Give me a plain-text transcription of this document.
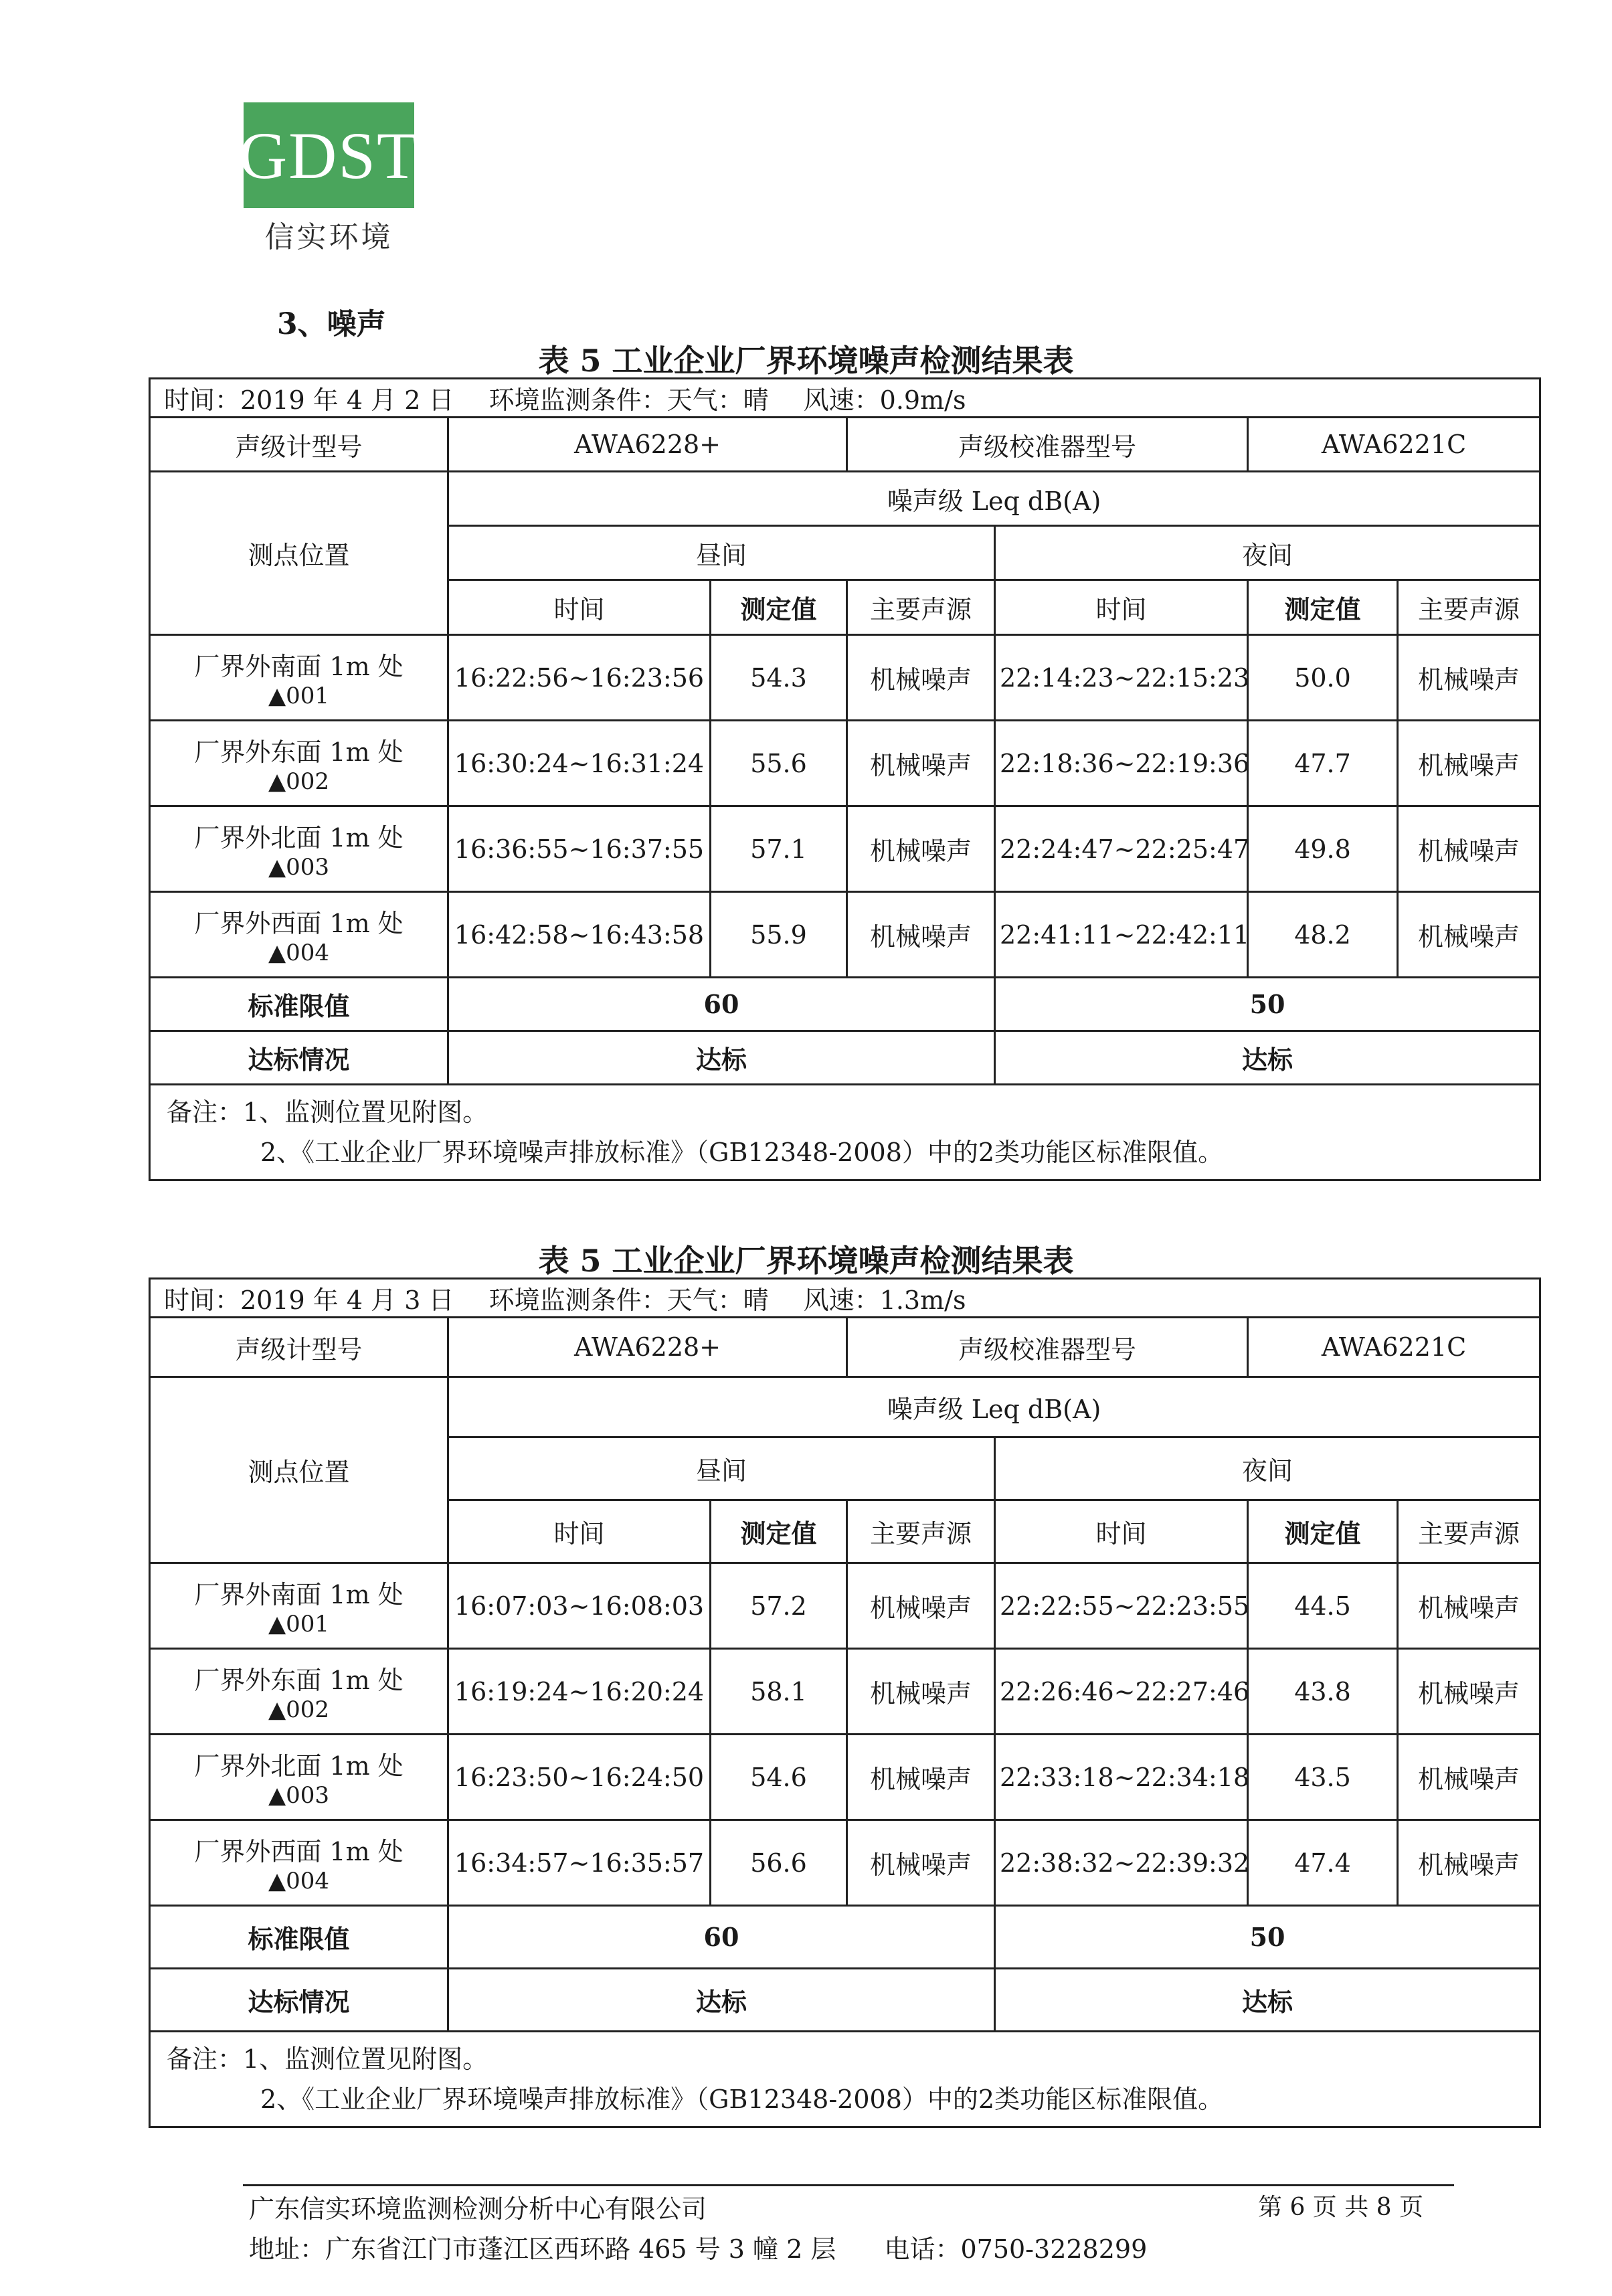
GDST
信实环境
3、噪声
表 5 工业企业厂界环境噪声检测结果表
时间：2019 年 4 月 2 日 环境监测条件：天气：晴 风速：0.9m/s						
声级计型号	AWA6228+		声级校准器型号		AWA6221C	
测点位置	噪声级 Leq dB(A)					
	昼间			夜间		
	时间	测定值	主要声源	时间	测定值	主要声源

厂界外南面 1m 处
▲001	16:22:56~16:23:56	54.3	机械噪声	22:14:23~22:15:23	50.0	机械噪声

厂界外东面 1m 处
▲002	16:30:24~16:31:24	55.6	机械噪声	22:18:36~22:19:36	47.7	机械噪声

厂界外北面 1m 处
▲003	16:36:55~16:37:55	57.1	机械噪声	22:24:47~22:25:47	49.8	机械噪声

厂界外西面 1m 处
▲004	16:42:58~16:43:58	55.9	机械噪声	22:41:11~22:42:11	48.2	机械噪声
标准限值	60			50		
达标情况	达标			达标		

备注：1、监测位置见附图。
2、《工业企业厂界环境噪声排放标准》（GB12348-2008）中的2类功能区标准限值。						
表 5 工业企业厂界环境噪声检测结果表
时间：2019 年 4 月 3 日 环境监测条件：天气：晴 风速：1.3m/s						
声级计型号	AWA6228+		声级校准器型号		AWA6221C	
测点位置	噪声级 Leq dB(A)					
	昼间			夜间		
	时间	测定值	主要声源	时间	测定值	主要声源

厂界外南面 1m 处
▲001	16:07:03~16:08:03	57.2	机械噪声	22:22:55~22:23:55	44.5	机械噪声

厂界外东面 1m 处
▲002	16:19:24~16:20:24	58.1	机械噪声	22:26:46~22:27:46	43.8	机械噪声

厂界外北面 1m 处
▲003	16:23:50~16:24:50	54.6	机械噪声	22:33:18~22:34:18	43.5	机械噪声

厂界外西面 1m 处
▲004	16:34:57~16:35:57	56.6	机械噪声	22:38:32~22:39:32	47.4	机械噪声
标准限值	60			50		
达标情况	达标			达标		

备注：1、监测位置见附图。
2、《工业企业厂界环境噪声排放标准》（GB12348-2008）中的2类功能区标准限值。						
广东信实环境监测检测分析中心有限公司	第 6 页 共 8 页
地址：广东省江门市蓬江区西环路 465 号 3 幢 2 层 电话：0750-3228299
